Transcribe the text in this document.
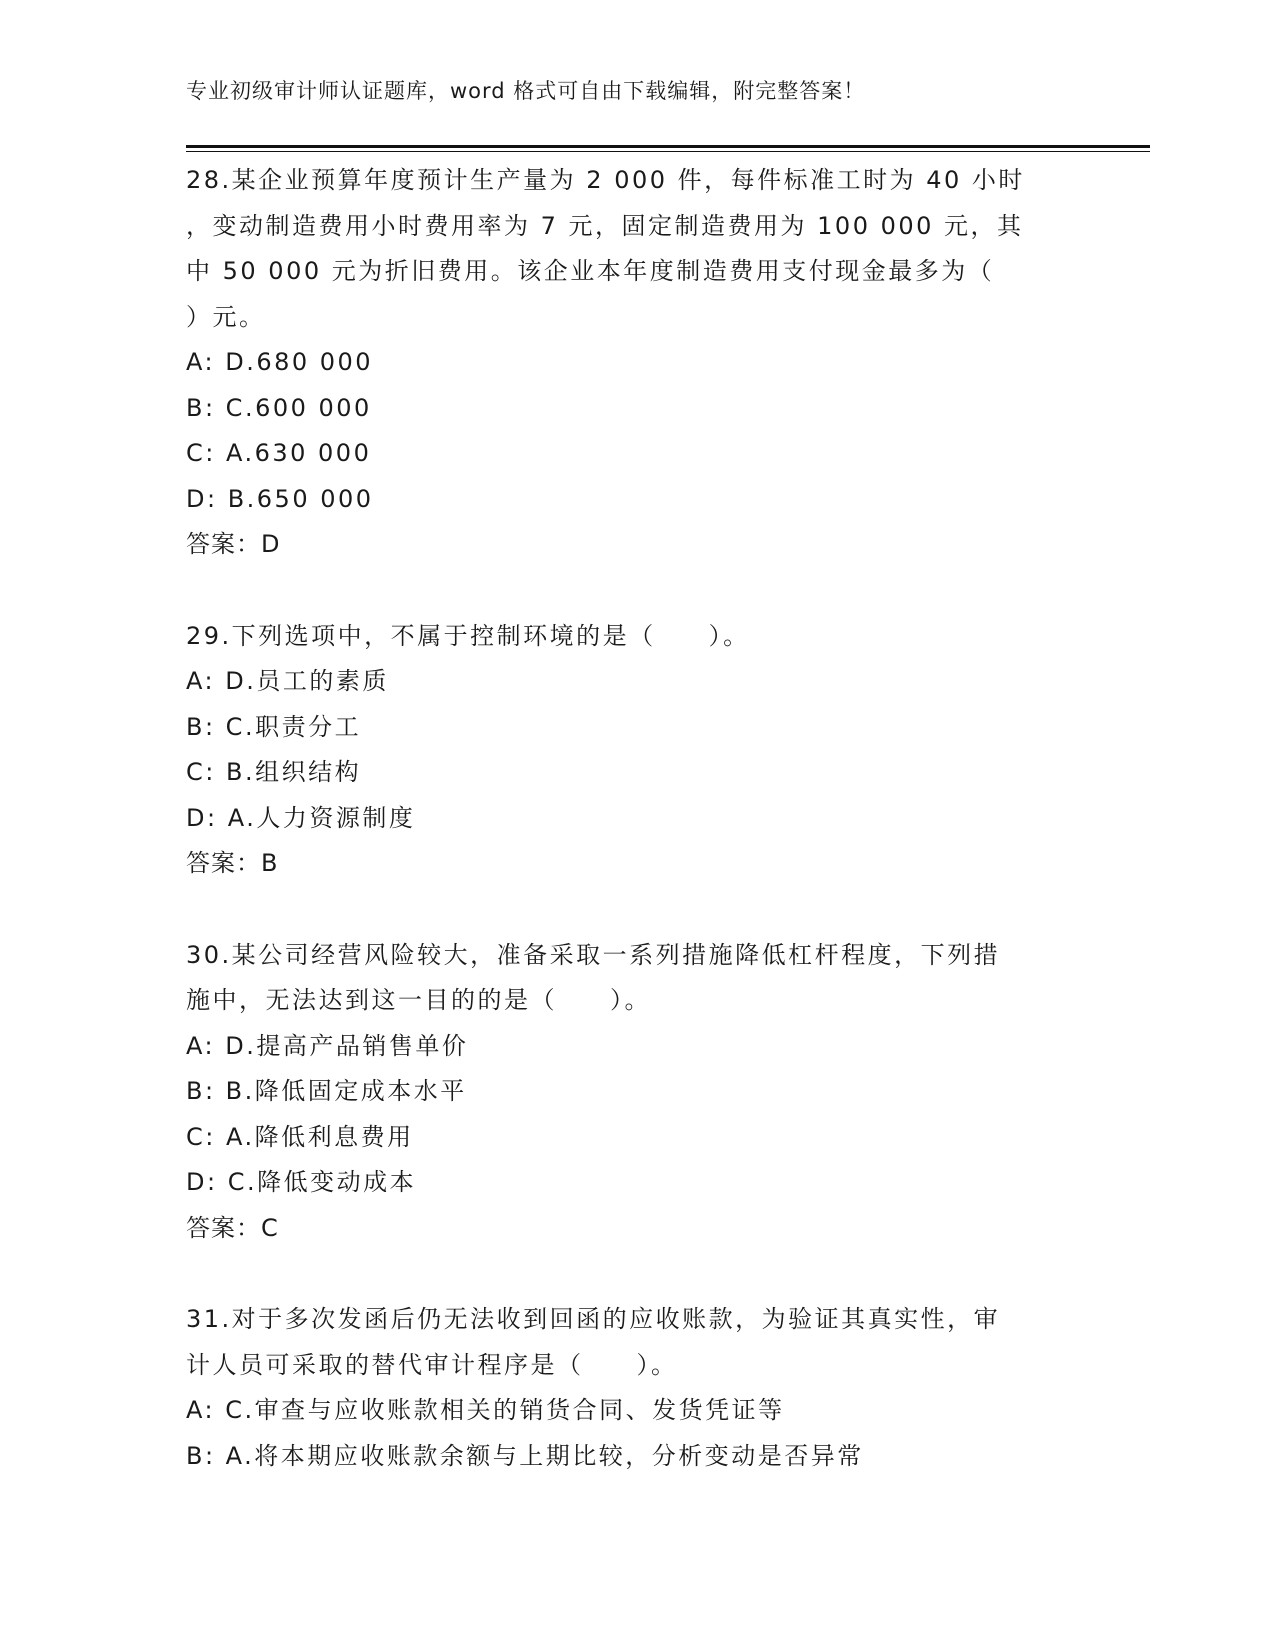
专业初级审计师认证题库，word 格式可自由下载编辑，附完整答案！
28.某企业预算年度预计生产量为 2 000 件，每件标准工时为 40 小时
，变动制造费用小时费用率为 7 元，固定制造费用为 100 000 元，其
中 50 000 元为折旧费用。该企业本年度制造费用支付现金最多为（
）元。
A: D.680 000
B: C.600 000
C: A.630 000
D: B.650 000
答案：D
29.下列选项中，不属于控制环境的是（　　）。
A: D.员工的素质
B: C.职责分工
C: B.组织结构
D: A.人力资源制度
答案：B
30.某公司经营风险较大，准备采取一系列措施降低杠杆程度，下列措
施中，无法达到这一目的的是（　　）。
A: D.提高产品销售单价
B: B.降低固定成本水平
C: A.降低利息费用
D: C.降低变动成本
答案：C
31.对于多次发函后仍无法收到回函的应收账款，为验证其真实性，审
计人员可采取的替代审计程序是（　　）。
A: C.审查与应收账款相关的销货合同、发货凭证等
B: A.将本期应收账款余额与上期比较，分析变动是否异常
